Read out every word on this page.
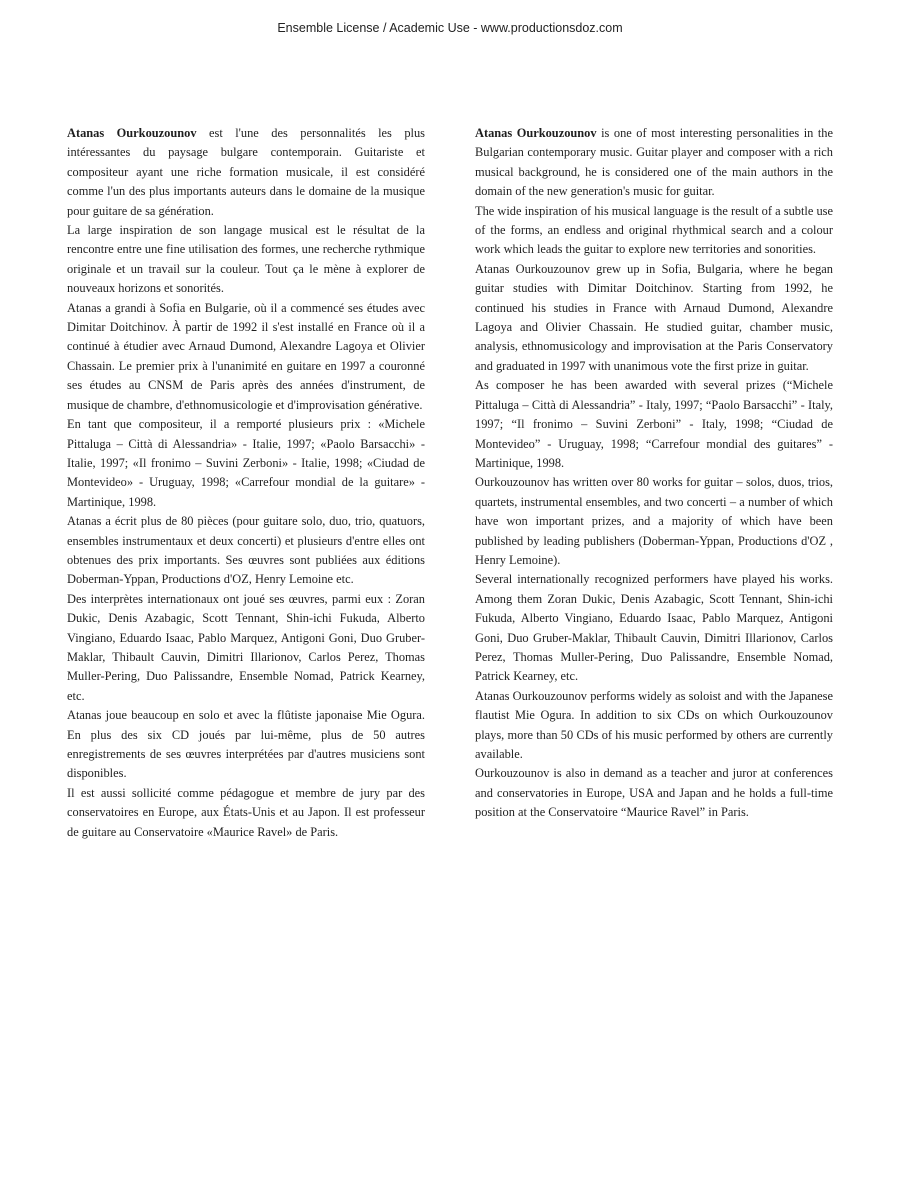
Ensemble License / Academic Use - www.productionsdoz.com

Atanas Ourkouzounov est l'une des personnalités les plus intéressantes du paysage bulgare contemporain. Guitariste et compositeur ayant une riche formation musicale, il est considéré comme l'un des plus importants auteurs dans le domaine de la musique pour guitare de sa génération.

La large inspiration de son langage musical est le résultat de la rencontre entre une fine utilisation des formes, une recherche rythmique originale et un travail sur la couleur. Tout ça le mène à explorer de nouveaux horizons et sonorités.

Atanas a grandi à Sofia en Bulgarie, où il a commencé ses études avec Dimitar Doitchinov. À partir de 1992 il s'est installé en France où il a continué à étudier avec Arnaud Dumond, Alexandre Lagoya et Olivier Chassain. Le premier prix à l'unanimité en guitare en 1997 a couronné ses études au CNSM de Paris après des années d'instrument, de musique de chambre, d'ethnomusicologie et d'improvisation générative.

En tant que compositeur, il a remporté plusieurs prix : «Michele Pittaluga – Città di Alessandria» - Italie, 1997; «Paolo Barsacchi» - Italie, 1997; «Il fronimo – Suvini Zerboni» - Italie, 1998; «Ciudad de Montevideo» - Uruguay, 1998; «Carrefour mondial de la guitare» - Martinique, 1998.

Atanas a écrit plus de 80 pièces (pour guitare solo, duo, trio, quatuors, ensembles instrumentaux et deux concerti) et plusieurs d'entre elles ont obtenues des prix importants. Ses œuvres sont publiées aux éditions Doberman-Yppan, Productions d'OZ, Henry Lemoine etc.

Des interprètes internationaux ont joué ses œuvres, parmi eux : Zoran Dukic, Denis Azabagic, Scott Tennant, Shin-ichi Fukuda, Alberto Vingiano, Eduardo Isaac, Pablo Marquez, Antigoni Goni, Duo Gruber-Maklar, Thibault Cauvin, Dimitri Illarionov, Carlos Perez, Thomas Muller-Pering, Duo Palissandre, Ensemble Nomad, Patrick Kearney, etc.

Atanas joue beaucoup en solo et avec la flûtiste japonaise Mie Ogura. En plus des six CD joués par lui-même, plus de 50 autres enregistrements de ses œuvres interprétées par d'autres musiciens sont disponibles.

Il est aussi sollicité comme pédagogue et membre de jury par des conservatoires en Europe, aux États-Unis et au Japon. Il est professeur de guitare au Conservatoire «Maurice Ravel» de Paris.

Atanas Ourkouzounov is one of most interesting personalities in the Bulgarian contemporary music. Guitar player and composer with a rich musical background, he is considered one of the main authors in the domain of the new generation's music for guitar.

The wide inspiration of his musical language is the result of a subtle use of the forms, an endless and original rhythmical search and a colour work which leads the guitar to explore new territories and sonorities.

Atanas Ourkouzounov grew up in Sofia, Bulgaria, where he began guitar studies with Dimitar Doitchinov. Starting from 1992, he continued his studies in France with Arnaud Dumond, Alexandre Lagoya and Olivier Chassain. He studied guitar, chamber music, analysis, ethnomusicology and improvisation at the Paris Conservatory and graduated in 1997 with unanimous vote the first prize in guitar.

As composer he has been awarded with several prizes (“Michele Pittaluga – Città di Alessandria” - Italy, 1997; “Paolo Barsacchi” - Italy, 1997; “Il fronimo – Suvini Zerboni” - Italy, 1998; “Ciudad de Montevideo” - Uruguay, 1998; “Carrefour mondial des guitares” - Martinique, 1998.

Ourkouzounov has written over 80 works for guitar – solos, duos, trios, quartets, instrumental ensembles, and two concerti – a number of which have won important prizes, and a majority of which have been published by leading publishers (Doberman-Yppan, Productions d'OZ , Henry Lemoine).

Several internationally recognized performers have played his works. Among them Zoran Dukic, Denis Azabagic, Scott Tennant, Shin-ichi Fukuda, Alberto Vingiano, Eduardo Isaac, Pablo Marquez, Antigoni Goni, Duo Gruber-Maklar, Thibault Cauvin, Dimitri Illarionov, Carlos Perez, Thomas Muller-Pering, Duo Palissandre, Ensemble Nomad, Patrick Kearney, etc.

Atanas Ourkouzounov performs widely as soloist and with the Japanese flautist Mie Ogura. In addition to six CDs on which Ourkouzounov plays, more than 50 CDs of his music performed by others are currently available.

Ourkouzounov is also in demand as a teacher and juror at conferences and conservatories in Europe, USA and Japan and he holds a full-time position at the Conservatoire “Maurice Ravel” in Paris.
